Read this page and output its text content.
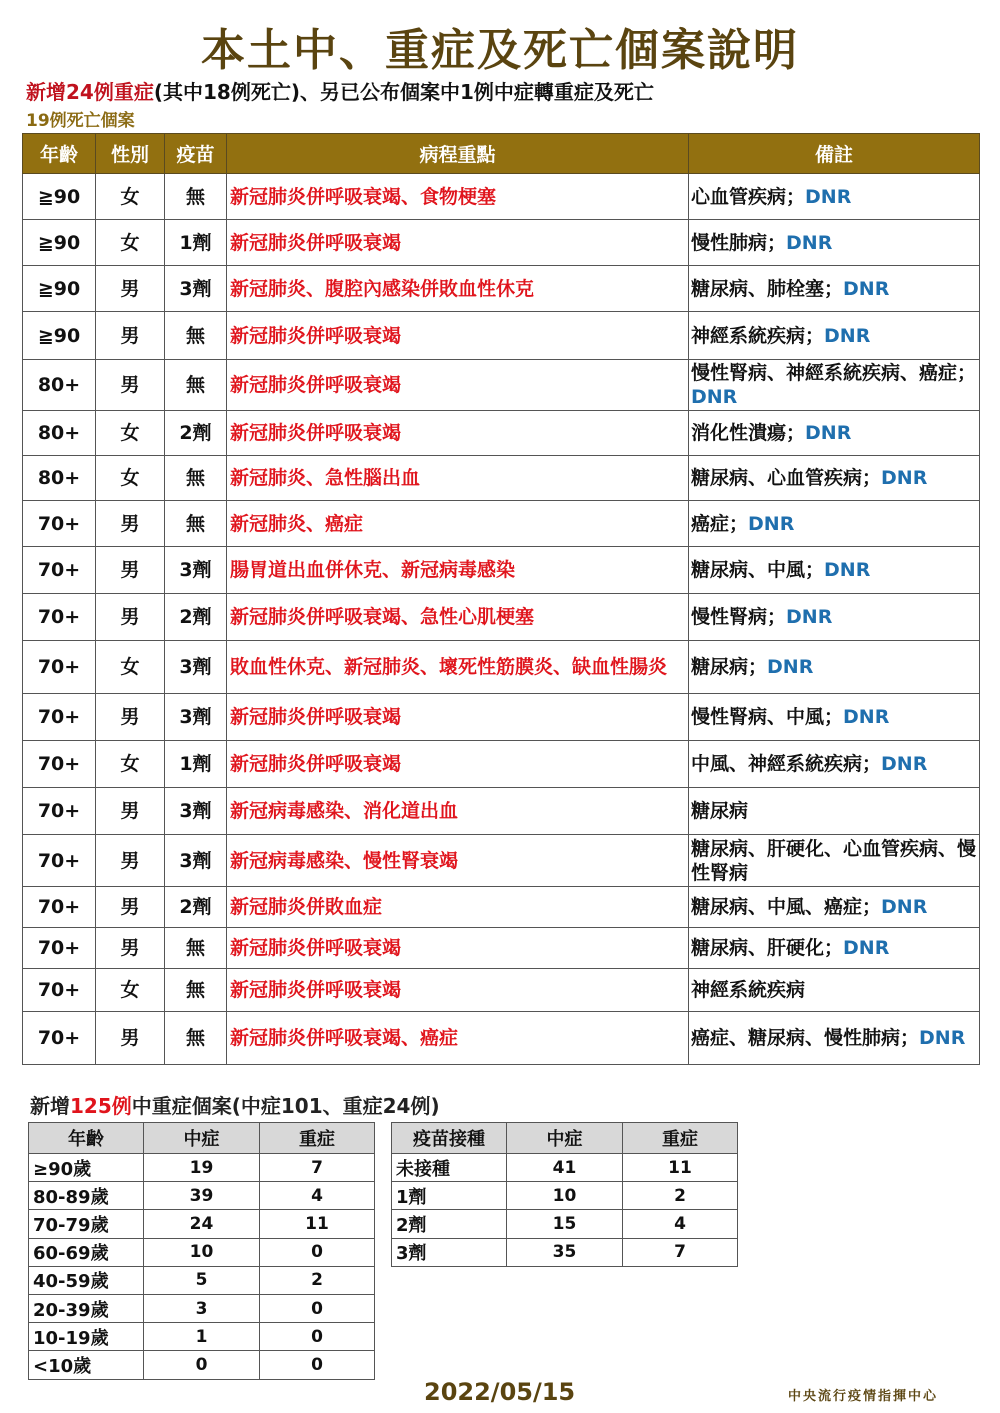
本土中、重症及死亡個案說明
新增24例重症(其中18例死亡)、另已公布個案中1例中症轉重症及死亡
19例死亡個案
年齡	性別	疫苗	病程重點	備註
≧90	女	無	新冠肺炎併呼吸衰竭、食物梗塞	心血管疾病；DNR
≧90	女	1劑	新冠肺炎併呼吸衰竭	慢性肺病；DNR
≧90	男	3劑	新冠肺炎、腹腔內感染併敗血性休克	糖尿病、肺栓塞；DNR
≧90	男	無	新冠肺炎併呼吸衰竭	神經系統疾病；DNR
80+	男	無	新冠肺炎併呼吸衰竭	慢性腎病、神經系統疾病、癌症；DNR
80+	女	2劑	新冠肺炎併呼吸衰竭	消化性潰瘍；DNR
80+	女	無	新冠肺炎、急性腦出血	糖尿病、心血管疾病；DNR
70+	男	無	新冠肺炎、癌症	癌症；DNR
70+	男	3劑	腸胃道出血併休克、新冠病毒感染	糖尿病、中風；DNR
70+	男	2劑	新冠肺炎併呼吸衰竭、急性心肌梗塞	慢性腎病；DNR
70+	女	3劑	敗血性休克、新冠肺炎、壞死性筋膜炎、缺血性腸炎	糖尿病；DNR
70+	男	3劑	新冠肺炎併呼吸衰竭	慢性腎病、中風；DNR
70+	女	1劑	新冠肺炎併呼吸衰竭	中風、神經系統疾病；DNR
70+	男	3劑	新冠病毒感染、消化道出血	糖尿病
70+	男	3劑	新冠病毒感染、慢性腎衰竭	糖尿病、肝硬化、心血管疾病、慢性腎病
70+	男	2劑	新冠肺炎併敗血症	糖尿病、中風、癌症；DNR
70+	男	無	新冠肺炎併呼吸衰竭	糖尿病、肝硬化；DNR
70+	女	無	新冠肺炎併呼吸衰竭	神經系統疾病
70+	男	無	新冠肺炎併呼吸衰竭、癌症	癌症、糖尿病、慢性肺病；DNR
新增125例中重症個案(中症101、重症24例)
年齡	中症	重症
≥90歲	19	7
80-89歲	39	4
70-79歲	24	11
60-69歲	10	0
40-59歲	5	2
20-39歲	3	0
10-19歲	1	0
<10歲	0	0
疫苗接種	中症	重症
未接種	41	11
1劑	10	2
2劑	15	4
3劑	35	7
2022/05/15	中央流行疫情指揮中心
